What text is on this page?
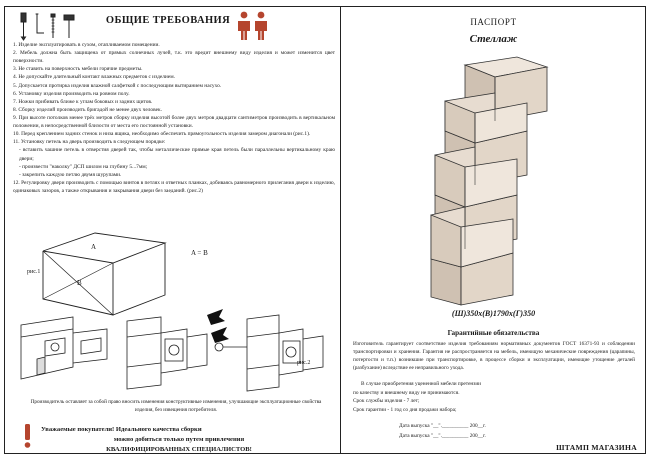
ОБЩИЕ ТРЕБОВАНИЯ
1. Изделие эксплуатировать в сухом, отапливаемом помещении.
2. Мебель должна быть защищена от прямых солнечных лучей, т.к. это вредит внешнему виду изделия и может изменится цвет поверхности.
3. Не ставить на поверхность мебели горячие предметы.
4. Не допускайте длительный контакт влажных предметов с изделием.
5. Допускается протирка изделия влажной салфеткой с последующим вытиранием насухо.
6. Установку изделия производить на ровном полу.
7. Ножки прибивать ближе к углам боковых и задних щитов.
8. Сборку изделий производить бригадой не менее двух человек.
9. При высоте потолков менее трёх метров сборку изделия высотой более двух метров двадцати сантиметров производить в вертикальном положении, в непосредственной близости от места его постоянной установки.
10. Перед креплением задних стенок и низа ящика, необходимо обеспечить прямоугольность изделия замером диагонали (рис.1).
11. Установку петель на дверь производить в следующем порядке:
- вставить чашние петель в отверстия дверей так, чтобы металлические прямые края петель были параллельны вертикальному краю двери;
- произвести "наколку" ДСП шилом на глубину 5...7мм;
- закрепить каждую петлю двумя шурупами.
12. Регулировку двери производить с помощью винтов в петлях и ответных планках, добиваясь равномерного прилегания двери к изделию, одинаковых зазоров, а также открывания и закрывания двери без заеданий. (рис.2)
A
B
рис.1
A = B
рис.2
Производитель оставляет за собой право вносить изменения конструктивные изменения, улучшающие эксплуатационные свойства изделия, без извещения потребителя.
Уважаемые покупатели! Идеального качества сборки
можно добиться только путем привлечения
КВАЛИФИЦИРОВАННЫХ СПЕЦИАЛИСТОВ!
ПАСПОРТ
Стеллаж
(Ш)350х(В)1790х(Г)350
Гарантийные обязательства
Изготовитель гарантирует соответствие изделия требованиям нормативных документов ГОСТ 16371-93 и соблюдении транспортировки и хранения. Гарантия не распространяется на мебель, имеющую механические повреждения (царапины, потертости и т.п.) возникшие при транспортировке, в процессе сборки и эксплуатации, имеющие утощение деталей (разбухание) вследствие ее неправильного ухода.
В случае приобретения уцененной мебели претензии
по качеству и внешнему виду не принимаются.
Срок службы изделия - 7 лет;
Срок гарантии - 1 год со дня продажи набора;
Дата выпуска "__".__________ 200__г.
Дата выпуска "__".__________ 200__г.
ШТАМП МАГАЗИНА
